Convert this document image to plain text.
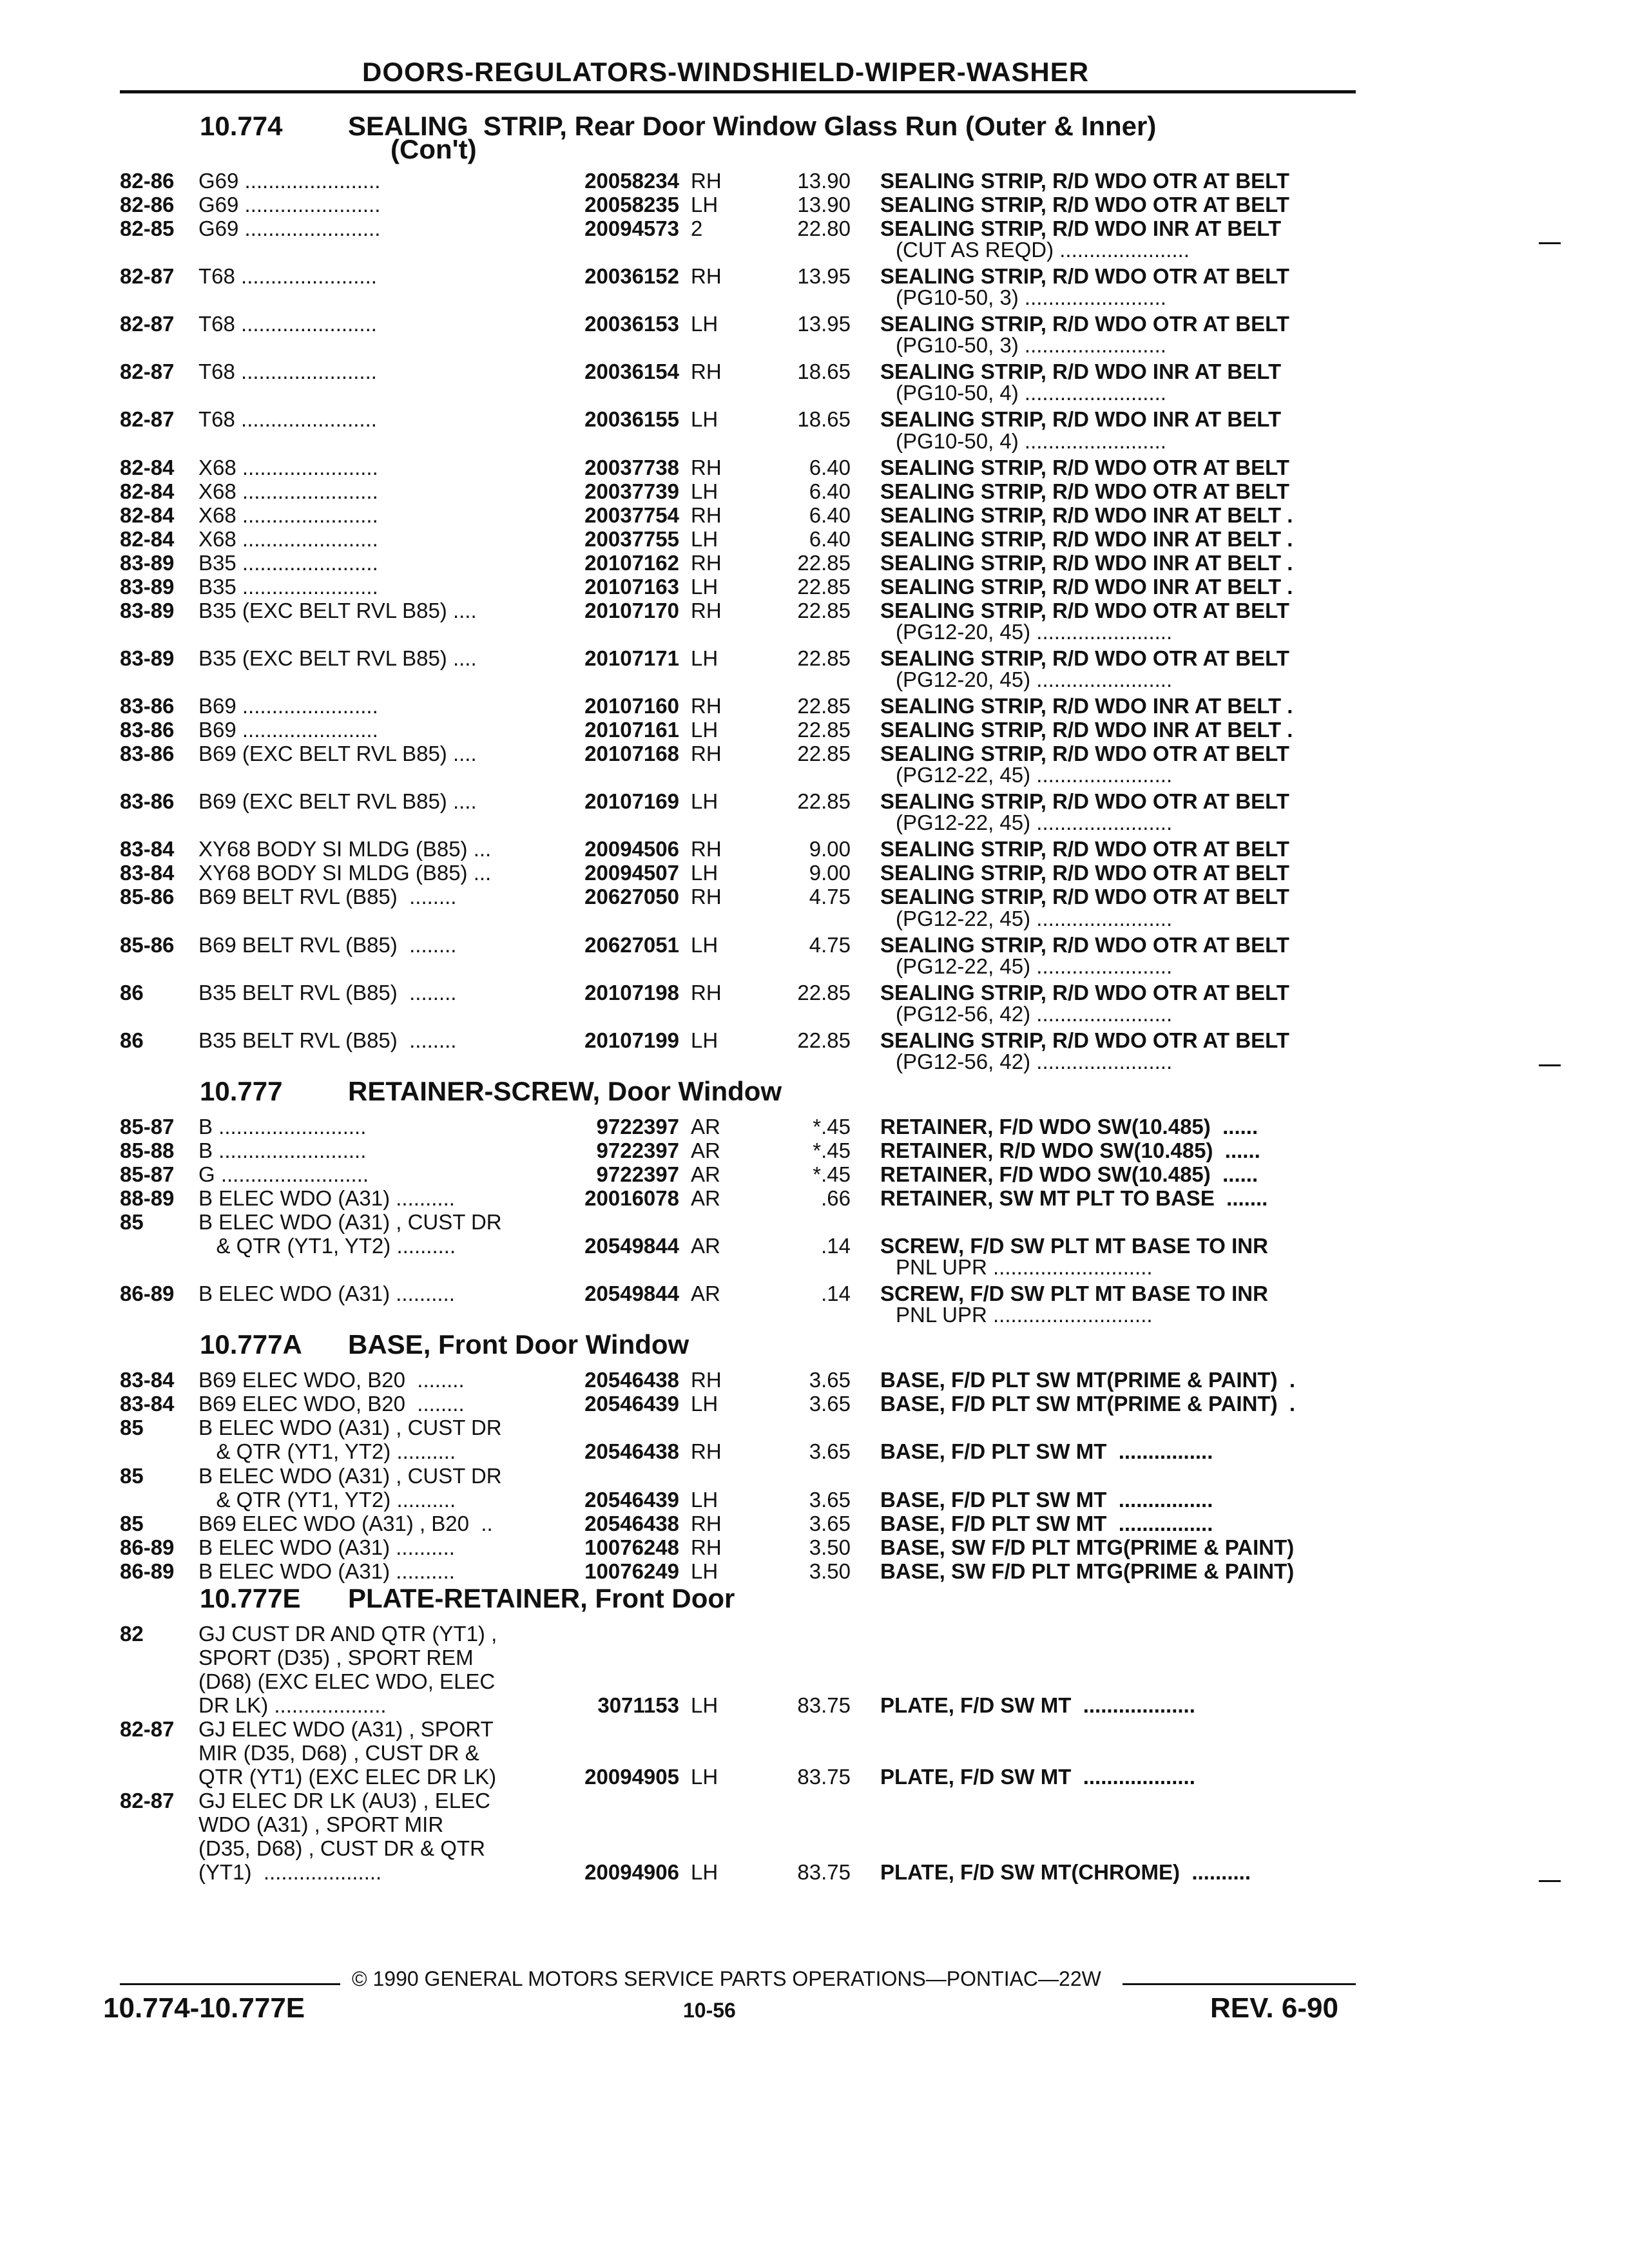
DOORS-REGULATORS-WINDSHIELD-WIPER-WASHER
10.774 SEALING  STRIP, Rear Door Window Glass Run (Outer & Inner)
(Con't)
82-86	G69 .......................	20058234 RH	13.90 SEALING STRIP, R/D WDO OTR AT BELT
82-86	G69 .......................	20058235 LH	13.90 SEALING STRIP, R/D WDO OTR AT BELT
82-85	G69 .......................	20094573 2	22.80 SEALING STRIP, R/D WDO INR AT BELT
(CUT AS REQD) ......................
82-87	T68 .......................	20036152 RH	13.95 SEALING STRIP, R/D WDO OTR AT BELT
(PG10-50, 3) ........................
82-87	T68 .......................	20036153 LH	13.95 SEALING STRIP, R/D WDO OTR AT BELT
(PG10-50, 3) ........................
82-87	T68 .......................	20036154 RH	18.65 SEALING STRIP, R/D WDO INR AT BELT
(PG10-50, 4) ........................
82-87	T68 .......................	20036155 LH	18.65 SEALING STRIP, R/D WDO INR AT BELT
(PG10-50, 4) ........................
82-84	X68 .......................	20037738 RH	6.40 SEALING STRIP, R/D WDO OTR AT BELT
82-84	X68 .......................	20037739 LH	6.40 SEALING STRIP, R/D WDO OTR AT BELT
82-84	X68 .......................	20037754 RH	6.40 SEALING STRIP, R/D WDO INR AT BELT .
82-84	X68 .......................	20037755 LH	6.40 SEALING STRIP, R/D WDO INR AT BELT .
83-89	B35 .......................	20107162 RH	22.85 SEALING STRIP, R/D WDO INR AT BELT .
83-89	B35 .......................	20107163 LH	22.85 SEALING STRIP, R/D WDO INR AT BELT .
83-89	B35 (EXC BELT RVL B85) ....	20107170 RH	22.85 SEALING STRIP, R/D WDO OTR AT BELT
(PG12-20, 45) .......................
83-89	B35 (EXC BELT RVL B85) ....	20107171 LH	22.85 SEALING STRIP, R/D WDO OTR AT BELT
(PG12-20, 45) .......................
83-86	B69 .......................	20107160 RH	22.85 SEALING STRIP, R/D WDO INR AT BELT .
83-86	B69 .......................	20107161 LH	22.85 SEALING STRIP, R/D WDO INR AT BELT .
83-86	B69 (EXC BELT RVL B85) ....	20107168 RH	22.85 SEALING STRIP, R/D WDO OTR AT BELT
(PG12-22, 45) .......................
83-86	B69 (EXC BELT RVL B85) ....	20107169 LH	22.85 SEALING STRIP, R/D WDO OTR AT BELT
(PG12-22, 45) .......................
83-84	XY68 BODY SI MLDG (B85) ...	20094506 RH	9.00 SEALING STRIP, R/D WDO OTR AT BELT
83-84	XY68 BODY SI MLDG (B85) ...	20094507 LH	9.00 SEALING STRIP, R/D WDO OTR AT BELT
85-86	B69 BELT RVL (B85)  ........	20627050 RH	4.75 SEALING STRIP, R/D WDO OTR AT BELT
(PG12-22, 45) .......................
85-86	B69 BELT RVL (B85)  ........	20627051 LH	4.75 SEALING STRIP, R/D WDO OTR AT BELT
(PG12-22, 45) .......................
86	B35 BELT RVL (B85)  ........	20107198 RH	22.85 SEALING STRIP, R/D WDO OTR AT BELT
(PG12-56, 42) .......................
86	B35 BELT RVL (B85)  ........	20107199 LH	22.85 SEALING STRIP, R/D WDO OTR AT BELT
(PG12-56, 42) .......................
10.777 RETAINER-SCREW, Door Window
85-87	B .........................	9722397 AR	*.45 RETAINER, F/D WDO SW(10.485)  ......
85-88	B .........................	9722397 AR	*.45 RETAINER, R/D WDO SW(10.485)  ......
85-87	G .........................	9722397 AR	*.45 RETAINER, F/D WDO SW(10.485)  ......
88-89	B ELEC WDO (A31) ..........	20016078 AR	.66 RETAINER, SW MT PLT TO BASE  .......
85	B ELEC WDO (A31) , CUST DR
& QTR (YT1, YT2) ..........	20549844 AR	.14 SCREW, F/D SW PLT MT BASE TO INR
PNL UPR ...........................
86-89	B ELEC WDO (A31) ..........	20549844 AR	.14 SCREW, F/D SW PLT MT BASE TO INR
PNL UPR ...........................
10.777A BASE, Front Door Window
83-84	B69 ELEC WDO, B20  ........	20546438 RH	3.65 BASE, F/D PLT SW MT(PRIME & PAINT)  .
83-84	B69 ELEC WDO, B20  ........	20546439 LH	3.65 BASE, F/D PLT SW MT(PRIME & PAINT)  .
85	B ELEC WDO (A31) , CUST DR
& QTR (YT1, YT2) ..........	20546438 RH	3.65 BASE, F/D PLT SW MT  ................
85	B ELEC WDO (A31) , CUST DR
& QTR (YT1, YT2) ..........	20546439 LH	3.65 BASE, F/D PLT SW MT  ................
85	B69 ELEC WDO (A31) , B20  ..	20546438 RH	3.65 BASE, F/D PLT SW MT  ................
86-89	B ELEC WDO (A31) ..........	10076248 RH	3.50 BASE, SW F/D PLT MTG(PRIME & PAINT)
86-89	B ELEC WDO (A31) ..........	10076249 LH	3.50 BASE, SW F/D PLT MTG(PRIME & PAINT)
10.777E PLATE-RETAINER, Front Door
82	GJ CUST DR AND QTR (YT1) ,
SPORT (D35) , SPORT REM
(D68) (EXC ELEC WDO, ELEC
DR LK) ...................	3071153 LH	83.75 PLATE, F/D SW MT  ...................
82-87	GJ ELEC WDO (A31) , SPORT
MIR (D35, D68) , CUST DR &
QTR (YT1) (EXC ELEC DR LK)	20094905 LH	83.75 PLATE, F/D SW MT  ...................
82-87	GJ ELEC DR LK (AU3) , ELEC
WDO (A31) , SPORT MIR
(D35, D68) , CUST DR & QTR
(YT1)  ....................	20094906 LH	83.75 PLATE, F/D SW MT(CHROME)  ..........
© 1990 GENERAL MOTORS SERVICE PARTS OPERATIONS—PONTIAC—22W
10.774-10.777E	10-56	REV. 6-90
